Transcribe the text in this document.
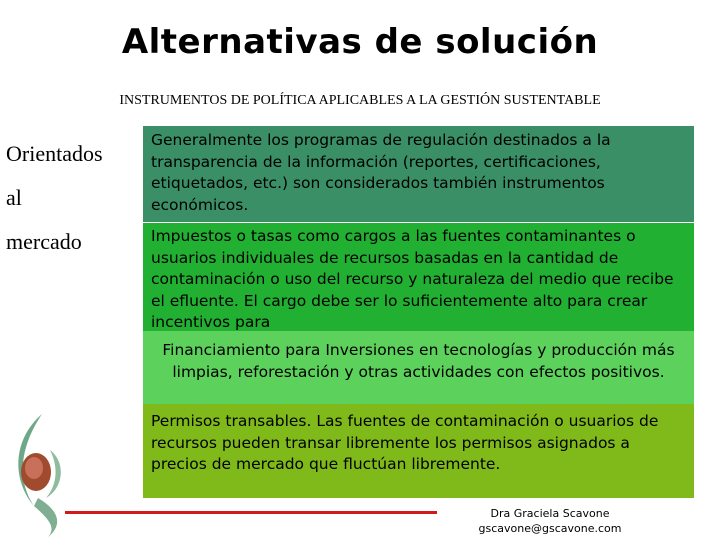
Alternativas de solución
INSTRUMENTOS DE POLÍTICA APLICABLES A LA GESTIÓN SUSTENTABLE
Orientados
al
mercado
Generalmente los programas de regulación destinados a la transparencia de la información (reportes, certificaciones, etiquetados, etc.) son considerados también instrumentos económicos.
Impuestos o tasas como cargos a las fuentes contaminantes o usuarios individuales de recursos basadas en la cantidad de contaminación o uso del recurso y naturaleza del medio que recibe el efluente. El cargo debe ser lo suficientemente alto para crear incentivos para
Financiamiento para Inversiones en tecnologías y producción más limpias, reforestación y otras actividades con efectos positivos.
Permisos transables. Las fuentes de contaminación o usuarios de recursos pueden transar libremente los permisos asignados a precios de mercado que fluctúan libremente.
Dra Graciela Scavone
gscavone@gscavone.com
